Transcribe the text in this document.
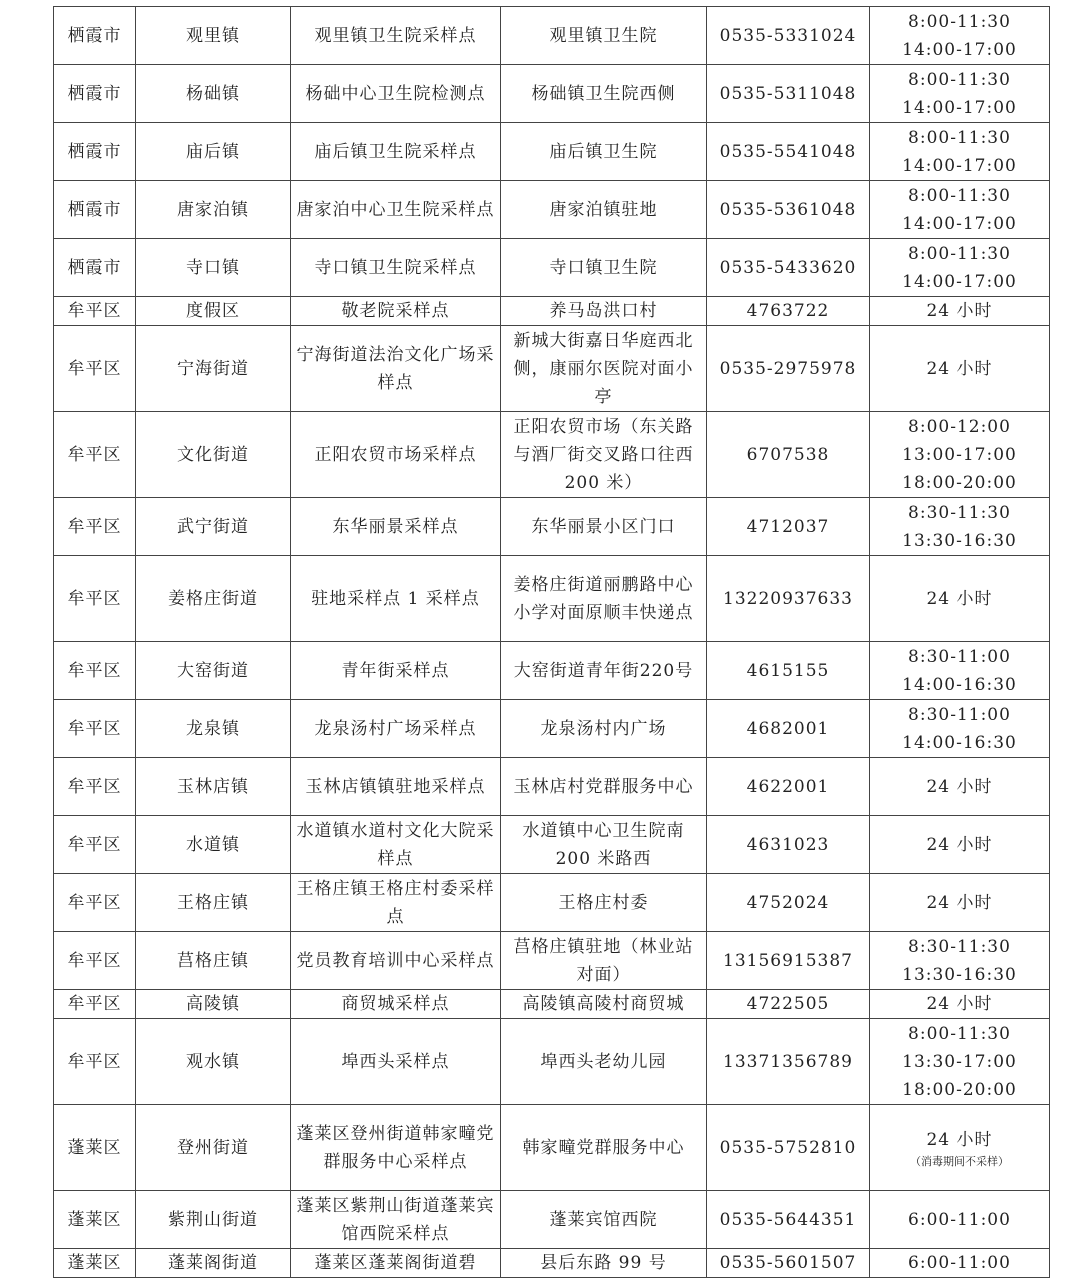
栖霞市	观里镇	观里镇卫生院采样点	观里镇卫生院	0535-5331024	8:00-11:30
14:00-17:00

栖霞市	杨础镇	杨础中心卫生院检测点	杨础镇卫生院西侧	0535-5311048	8:00-11:30
14:00-17:00

栖霞市	庙后镇	庙后镇卫生院采样点	庙后镇卫生院	0535-5541048	8:00-11:30
14:00-17:00

栖霞市	唐家泊镇	唐家泊中心卫生院采样点	唐家泊镇驻地	0535-5361048	8:00-11:30
14:00-17:00

栖霞市	寺口镇	寺口镇卫生院采样点	寺口镇卫生院	0535-5433620	8:00-11:30
14:00-17:00

牟平区	度假区	敬老院采样点	养马岛洪口村	4763722	24 小时

牟平区	宁海街道	宁海街道法治文化广场采样点	新城大街嘉日华庭西北侧，康丽尔医院对面小亭	0535-2975978	24 小时

牟平区	文化街道	正阳农贸市场采样点	正阳农贸市场（东关路与酒厂街交叉路口往西 200 米）	6707538	8:00-12:00
13:00-17:00
18:00-20:00

牟平区	武宁街道	东华丽景采样点	东华丽景小区门口	4712037	8:30-11:30
13:30-16:30

牟平区	姜格庄街道	驻地采样点 1 采样点	姜格庄街道丽鹏路中心小学对面原顺丰快递点	13220937633	24 小时

牟平区	大窑街道	青年街采样点	大窑街道青年街220号	4615155	8:30-11:00
14:00-16:30

牟平区	龙泉镇	龙泉汤村广场采样点	龙泉汤村内广场	4682001	8:30-11:00
14:00-16:30

牟平区	玉林店镇	玉林店镇镇驻地采样点	玉林店村党群服务中心	4622001	24 小时

牟平区	水道镇	水道镇水道村文化大院采样点	水道镇中心卫生院南200 米路西	4631023	24 小时

牟平区	王格庄镇	王格庄镇王格庄村委采样点	王格庄村委	4752024	24 小时

牟平区	莒格庄镇	党员教育培训中心采样点	莒格庄镇驻地（林业站对面）	13156915387	8:30-11:30
13:30-16:30

牟平区	高陵镇	商贸城采样点	高陵镇高陵村商贸城	4722505	24 小时

牟平区	观水镇	埠西头采样点	埠西头老幼儿园	13371356789	8:00-11:30
13:30-17:00
18:00-20:00

蓬莱区	登州街道	蓬莱区登州街道韩家疃党群服务中心采样点	韩家疃党群服务中心	0535-5752810	24 小时
（消毒期间不采样）

蓬莱区	紫荆山街道	蓬莱区紫荆山街道蓬莱宾馆西院采样点	蓬莱宾馆西院	0535-5644351	6:00-11:00

蓬莱区	蓬莱阁街道	蓬莱区蓬莱阁街道碧	县后东路 99 号	0535-5601507	6:00-11:00
